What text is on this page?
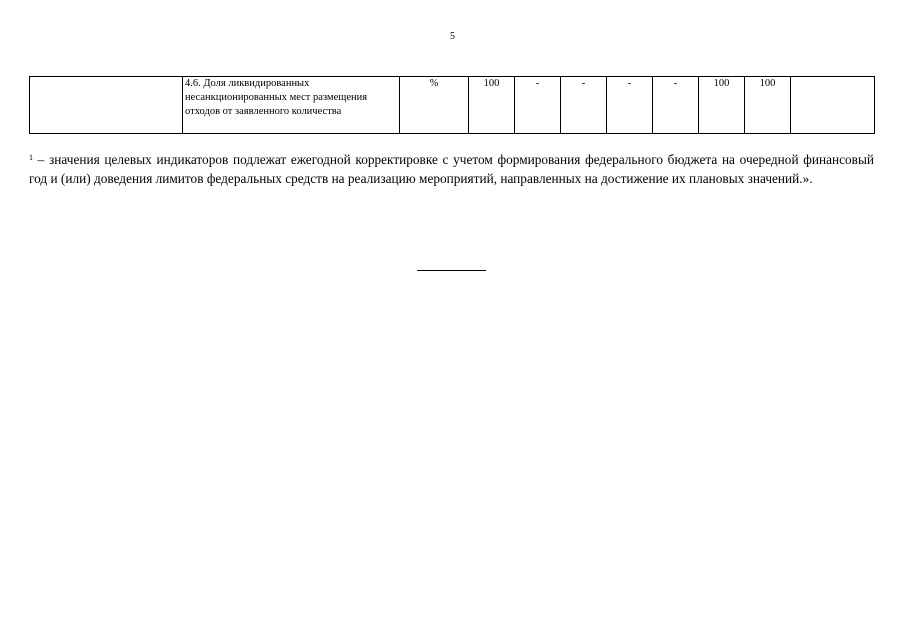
5
	4.6. Доля ликвидированных несанкционированных мест размещения отходов от заявленного количества	%	100	-	-	-	-	100	100	
$^1$ – значения целевых индикаторов подлежат ежегодной корректировке с учетом формирования федерального бюджета на очередной финансовый год и (или) доведения лимитов федеральных средств на реализацию мероприятий, направленных на достижение их плановых значений.».
